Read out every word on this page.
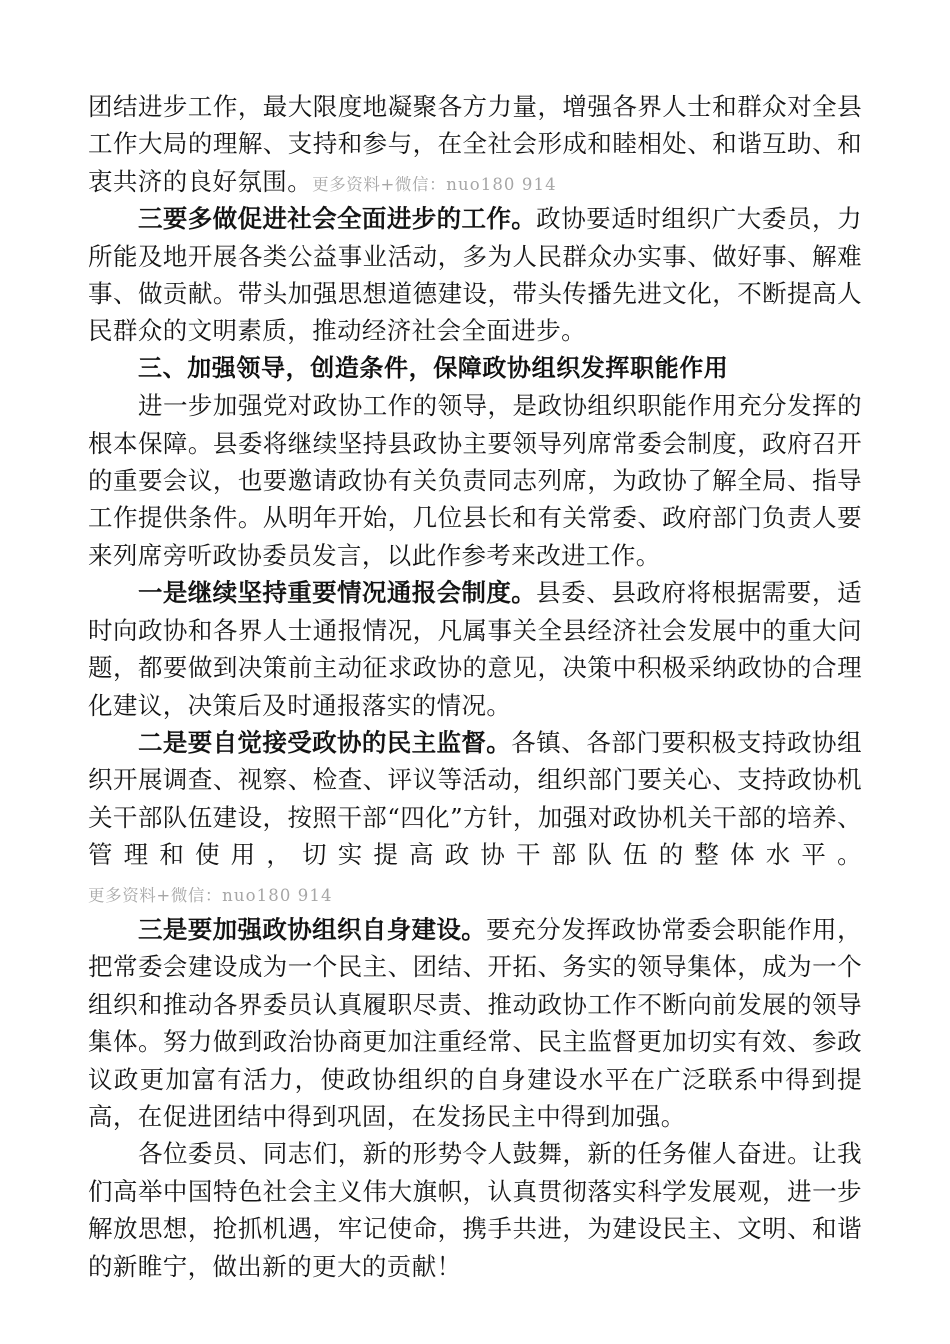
团结进步工作，最大限度地凝聚各方力量，增强各界人士和群众对全县工作大局的理解、支持和参与，在全社会形成和睦相处、和谐互助、和衷共济的良好氛围。更多资料+微信：nuo180 914

三要多做促进社会全面进步的工作。政协要适时组织广大委员，力所能及地开展各类公益事业活动，多为人民群众办实事、做好事、解难事、做贡献。带头加强思想道德建设，带头传播先进文化，不断提高人民群众的文明素质，推动经济社会全面进步。

三、加强领导，创造条件，保障政协组织发挥职能作用

进一步加强党对政协工作的领导，是政协组织职能作用充分发挥的根本保障。县委将继续坚持县政协主要领导列席常委会制度，政府召开的重要会议，也要邀请政协有关负责同志列席，为政协了解全局、指导工作提供条件。从明年开始，几位县长和有关常委、政府部门负责人要来列席旁听政协委员发言，以此作参考来改进工作。

一是继续坚持重要情况通报会制度。县委、县政府将根据需要，适时向政协和各界人士通报情况，凡属事关全县经济社会发展中的重大问题，都要做到决策前主动征求政协的意见，决策中积极采纳政协的合理化建议，决策后及时通报落实的情况。

二是要自觉接受政协的民主监督。各镇、各部门要积极支持政协组织开展调查、视察、检查、评议等活动，组织部门要关心、支持政协机关干部队伍建设，按照干部“四化”方针，加强对政协机关干部的培养、管理和使用，切实提高政协干部队伍的整体水平。更多资料+微信：nuo180 914

三是要加强政协组织自身建设。要充分发挥政协常委会职能作用，把常委会建设成为一个民主、团结、开拓、务实的领导集体，成为一个组织和推动各界委员认真履职尽责、推动政协工作不断向前发展的领导集体。努力做到政治协商更加注重经常、民主监督更加切实有效、参政议政更加富有活力，使政协组织的自身建设水平在广泛联系中得到提高，在促进团结中得到巩固，在发扬民主中得到加强。

各位委员、同志们，新的形势令人鼓舞，新的任务催人奋进。让我们高举中国特色社会主义伟大旗帜，认真贯彻落实科学发展观，进一步解放思想，抢抓机遇，牢记使命，携手共进，为建设民主、文明、和谐的新睢宁，做出新的更大的贡献！
